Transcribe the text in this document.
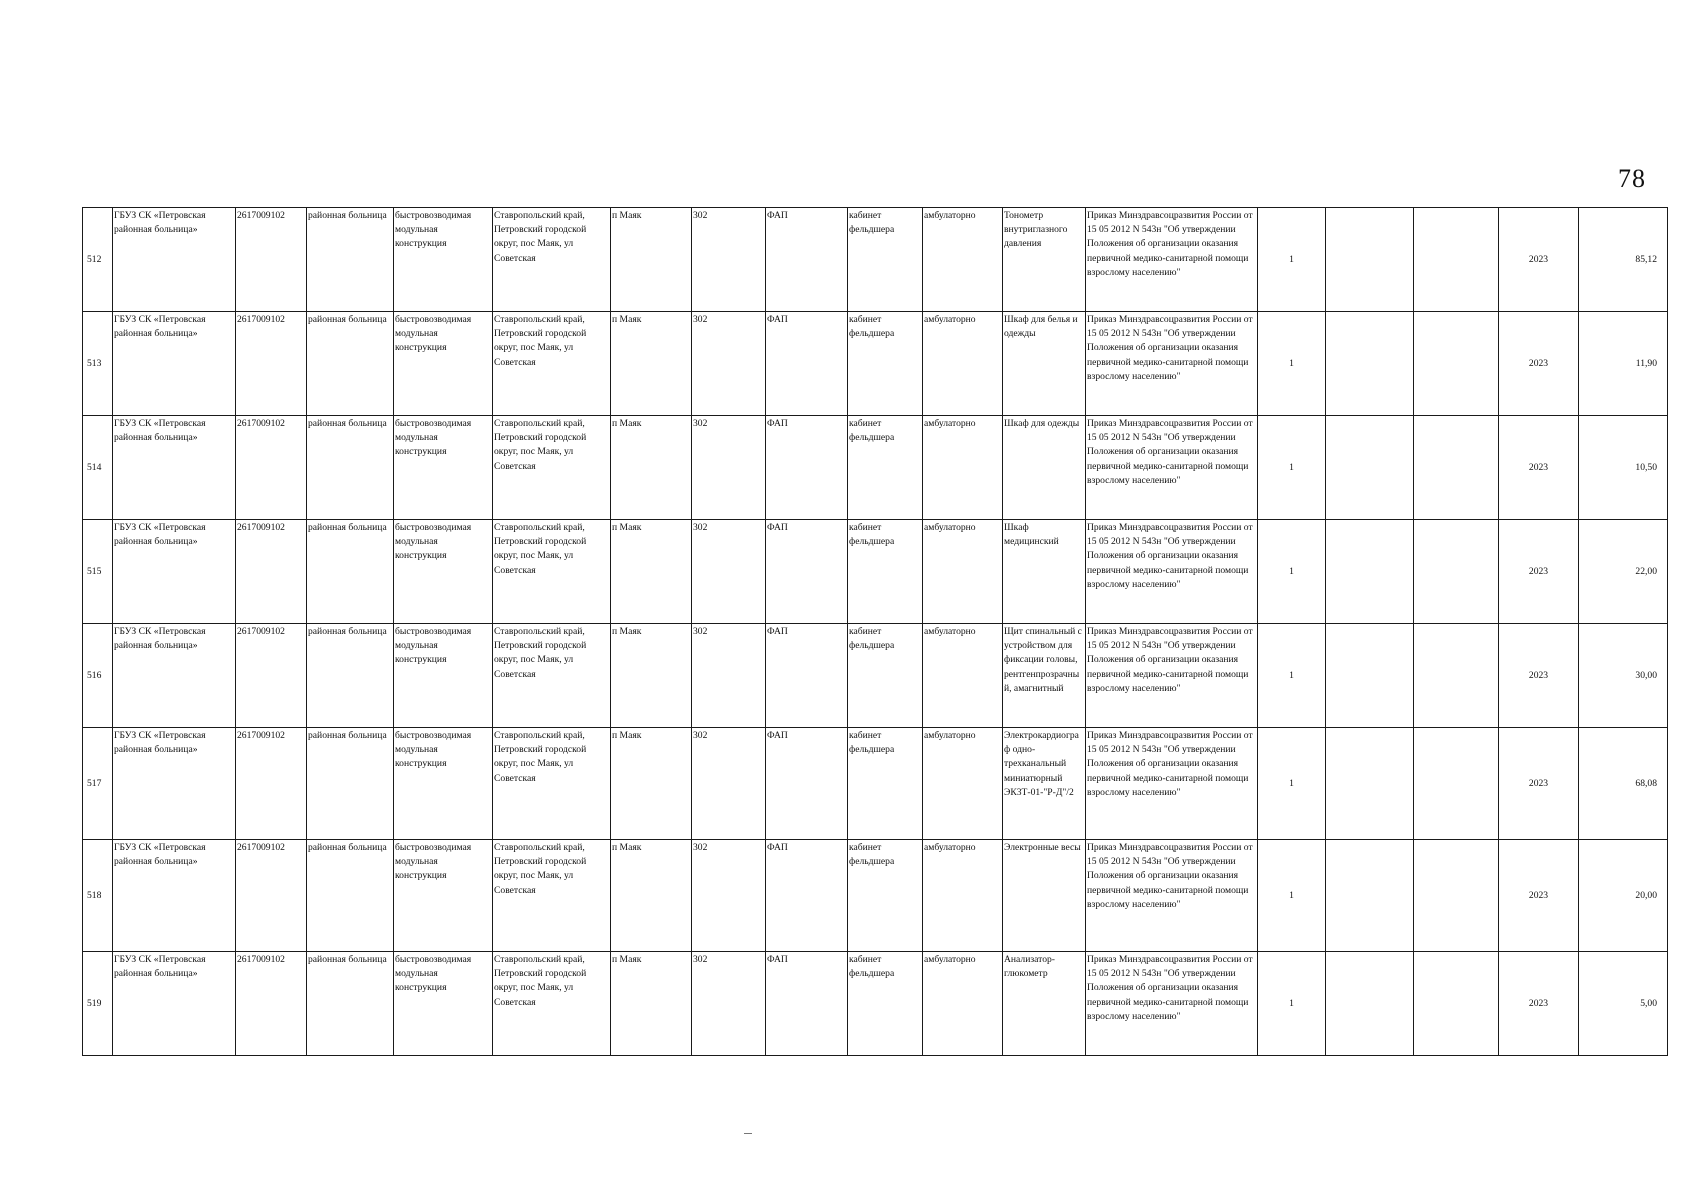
78
512	ГБУЗ СК «Петровская районная больница»	2617009102	районная больница	быстровозводимая модульная конструкция	Ставропольский край, Петровский городской округ, пос Маяк, ул Советская	п Маяк	302	ФАП	кабинет фельдшера	амбулаторно	Тонометр внутриглазного давления	Приказ Минздравсоцразвития России от 15 05 2012 N 543н "Об утверждении Положения об организации оказания первичной медико-санитарной помощи взрослому населению"	1			2023	85,12
513	ГБУЗ СК «Петровская районная больница»	2617009102	районная больница	быстровозводимая модульная конструкция	Ставропольский край, Петровский городской округ, пос Маяк, ул Советская	п Маяк	302	ФАП	кабинет фельдшера	амбулаторно	Шкаф для белья и одежды	Приказ Минздравсоцразвития России от 15 05 2012 N 543н "Об утверждении Положения об организации оказания первичной медико-санитарной помощи взрослому населению"	1			2023	11,90
514	ГБУЗ СК «Петровская районная больница»	2617009102	районная больница	быстровозводимая модульная конструкция	Ставропольский край, Петровский городской округ, пос Маяк, ул Советская	п Маяк	302	ФАП	кабинет фельдшера	амбулаторно	Шкаф для одежды	Приказ Минздравсоцразвития России от 15 05 2012 N 543н "Об утверждении Положения об организации оказания первичной медико-санитарной помощи взрослому населению"	1			2023	10,50
515	ГБУЗ СК «Петровская районная больница»	2617009102	районная больница	быстровозводимая модульная конструкция	Ставропольский край, Петровский городской округ, пос Маяк, ул Советская	п Маяк	302	ФАП	кабинет фельдшера	амбулаторно	Шкаф медицинский	Приказ Минздравсоцразвития России от 15 05 2012 N 543н "Об утверждении Положения об организации оказания первичной медико-санитарной помощи взрослому населению"	1			2023	22,00
516	ГБУЗ СК «Петровская районная больница»	2617009102	районная больница	быстровозводимая модульная конструкция	Ставропольский край, Петровский городской округ, пос Маяк, ул Советская	п Маяк	302	ФАП	кабинет фельдшера	амбулаторно	Щит спинальный с устройством для фиксации головы, рентгенпрозрачный, амагнитный	Приказ Минздравсоцразвития России от 15 05 2012 N 543н "Об утверждении Положения об организации оказания первичной медико-санитарной помощи взрослому населению"	1			2023	30,00
517	ГБУЗ СК «Петровская районная больница»	2617009102	районная больница	быстровозводимая модульная конструкция	Ставропольский край, Петровский городской округ, пос Маяк, ул Советская	п Маяк	302	ФАП	кабинет фельдшера	амбулаторно	Электрокардиограф одно-трехканальный миниатюрный ЭК3Т-01-"Р-Д"/2	Приказ Минздравсоцразвития России от 15 05 2012 N 543н "Об утверждении Положения об организации оказания первичной медико-санитарной помощи взрослому населению"	1			2023	68,08
518	ГБУЗ СК «Петровская районная больница»	2617009102	районная больница	быстровозводимая модульная конструкция	Ставропольский край, Петровский городской округ, пос Маяк, ул Советская	п Маяк	302	ФАП	кабинет фельдшера	амбулаторно	Электронные весы	Приказ Минздравсоцразвития России от 15 05 2012 N 543н "Об утверждении Положения об организации оказания первичной медико-санитарной помощи взрослому населению"	1			2023	20,00
519	ГБУЗ СК «Петровская районная больница»	2617009102	районная больница	быстровозводимая модульная конструкция	Ставропольский край, Петровский городской округ, пос Маяк, ул Советская	п Маяк	302	ФАП	кабинет фельдшера	амбулаторно	Анализатор-глюкометр	Приказ Минздравсоцразвития России от 15 05 2012 N 543н "Об утверждении Положения об организации оказания первичной медико-санитарной помощи взрослому населению"	1			2023	5,00
